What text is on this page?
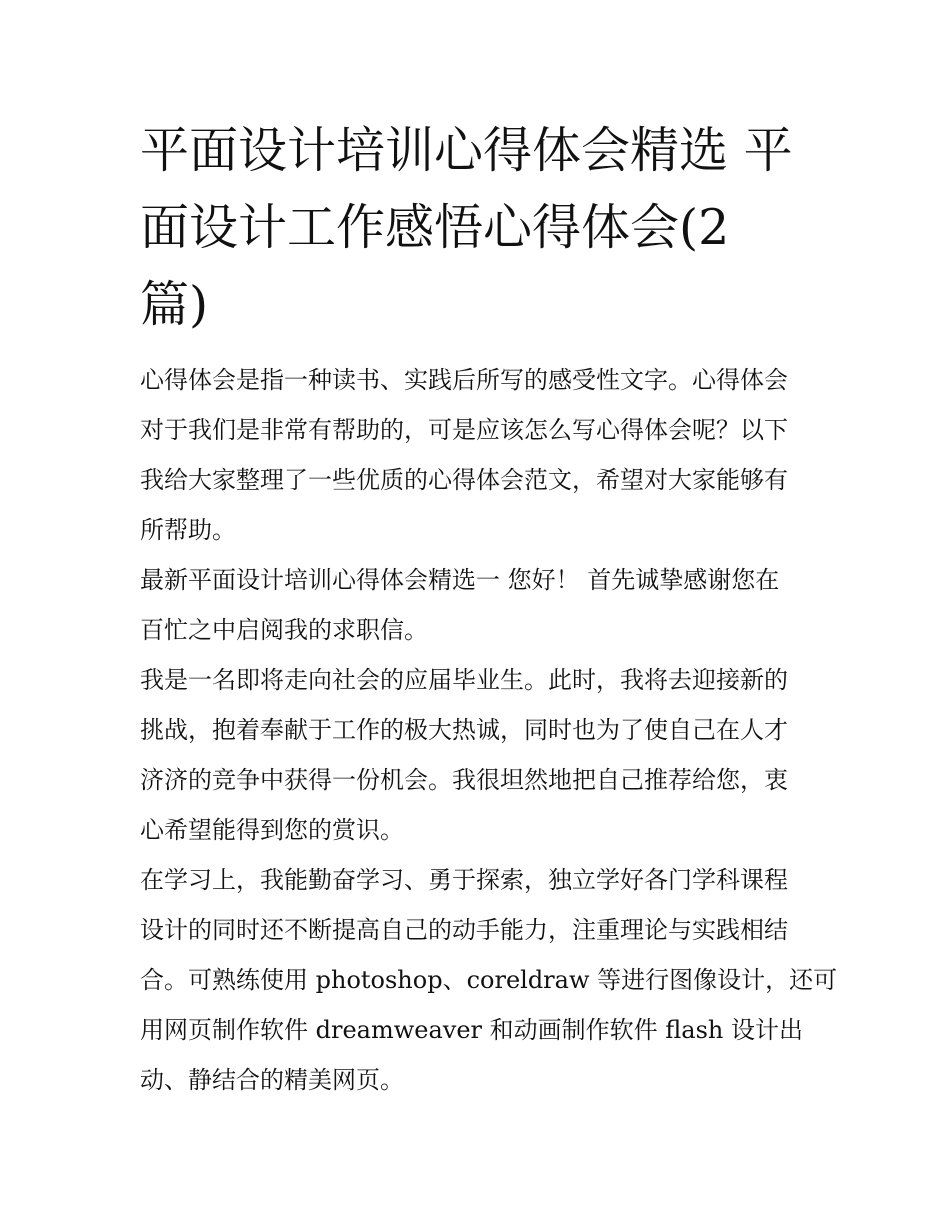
平面设计培训心得体会精选 平
面设计工作感悟心得体会(2
篇)

心得体会是指一种读书、实践后所写的感受性文字。心得体会
对于我们是非常有帮助的，可是应该怎么写心得体会呢？以下
我给大家整理了一些优质的心得体会范文，希望对大家能够有
所帮助。

最新平面设计培训心得体会精选一 您好！ 首先诚挚感谢您在
百忙之中启阅我的求职信。

我是一名即将走向社会的应届毕业生。此时，我将去迎接新的
挑战，抱着奉献于工作的极大热诚，同时也为了使自己在人才
济济的竞争中获得一份机会。我很坦然地把自己推荐给您，衷
心希望能得到您的赏识。

在学习上，我能勤奋学习、勇于探索，独立学好各门学科课程
设计的同时还不断提高自己的动手能力，注重理论与实践相结
合。可熟练使用 photoshop、coreldraw 等进行图像设计，还可
用网页制作软件 dreamweaver 和动画制作软件 flash 设计出
动、静结合的精美网页。
